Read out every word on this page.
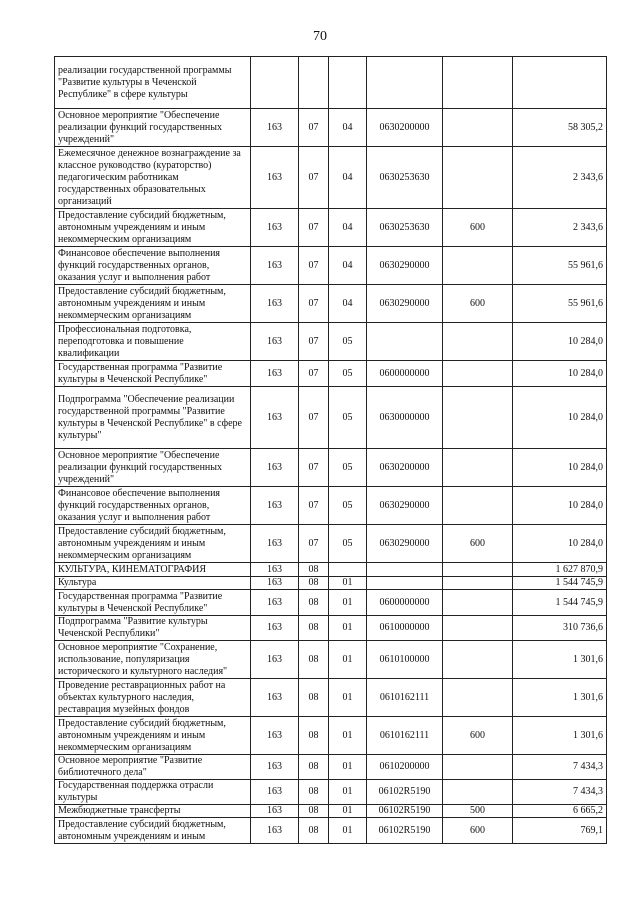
70
реализации государственной программы "Развитие культуры в Чеченской Республике" в сфере культуры						
Основное мероприятие "Обеспечение реализации функций государственных учреждений"	163	07	04	0630200000		58 305,2
Ежемесячное денежное вознаграждение за классное руководство (кураторство) педагогическим работникам государственных образовательных организаций	163	07	04	0630253630		2 343,6
Предоставление субсидий бюджетным, автономным учреждениям и иным некоммерческим организациям	163	07	04	0630253630	600	2 343,6
Финансовое обеспечение выполнения функций государственных органов, оказания услуг и выполнения работ	163	07	04	0630290000		55 961,6
Предоставление субсидий бюджетным, автономным учреждениям и иным некоммерческим организациям	163	07	04	0630290000	600	55 961,6
Профессиональная подготовка, переподготовка и повышение квалификации	163	07	05			10 284,0
Государственная программа "Развитие культуры в Чеченской Республике"	163	07	05	0600000000		10 284,0
Подпрограмма "Обеспечение реализации государственной программы "Развитие культуры в Чеченской Республике" в сфере культуры"	163	07	05	0630000000		10 284,0
Основное мероприятие "Обеспечение реализации функций государственных учреждений"	163	07	05	0630200000		10 284,0
Финансовое обеспечение выполнения функций государственных органов, оказания услуг и выполнения работ	163	07	05	0630290000		10 284,0
Предоставление субсидий бюджетным, автономным учреждениям и иным некоммерческим организациям	163	07	05	0630290000	600	10 284,0
КУЛЬТУРА, КИНЕМАТОГРАФИЯ	163	08				1 627 870,9
Культура	163	08	01			1 544 745,9
Государственная программа "Развитие культуры в Чеченской Республике"	163	08	01	0600000000		1 544 745,9
Подпрограмма "Развитие культуры Чеченской Республики"	163	08	01	0610000000		310 736,6
Основное мероприятие "Сохранение, использование, популяризация исторического и культурного наследия"	163	08	01	0610100000		1 301,6
Проведение реставрационных работ на объектах культурного наследия, реставрация музейных фондов	163	08	01	0610162111		1 301,6
Предоставление субсидий бюджетным, автономным учреждениям и иным некоммерческим организациям	163	08	01	0610162111	600	1 301,6
Основное мероприятие "Развитие библиотечного дела"	163	08	01	0610200000		7 434,3
Государственная поддержка отрасли культуры	163	08	01	06102R5190		7 434,3
Межбюджетные трансферты	163	08	01	06102R5190	500	6 665,2
Предоставление субсидий бюджетным, автономным учреждениям и иным	163	08	01	06102R5190	600	769,1
